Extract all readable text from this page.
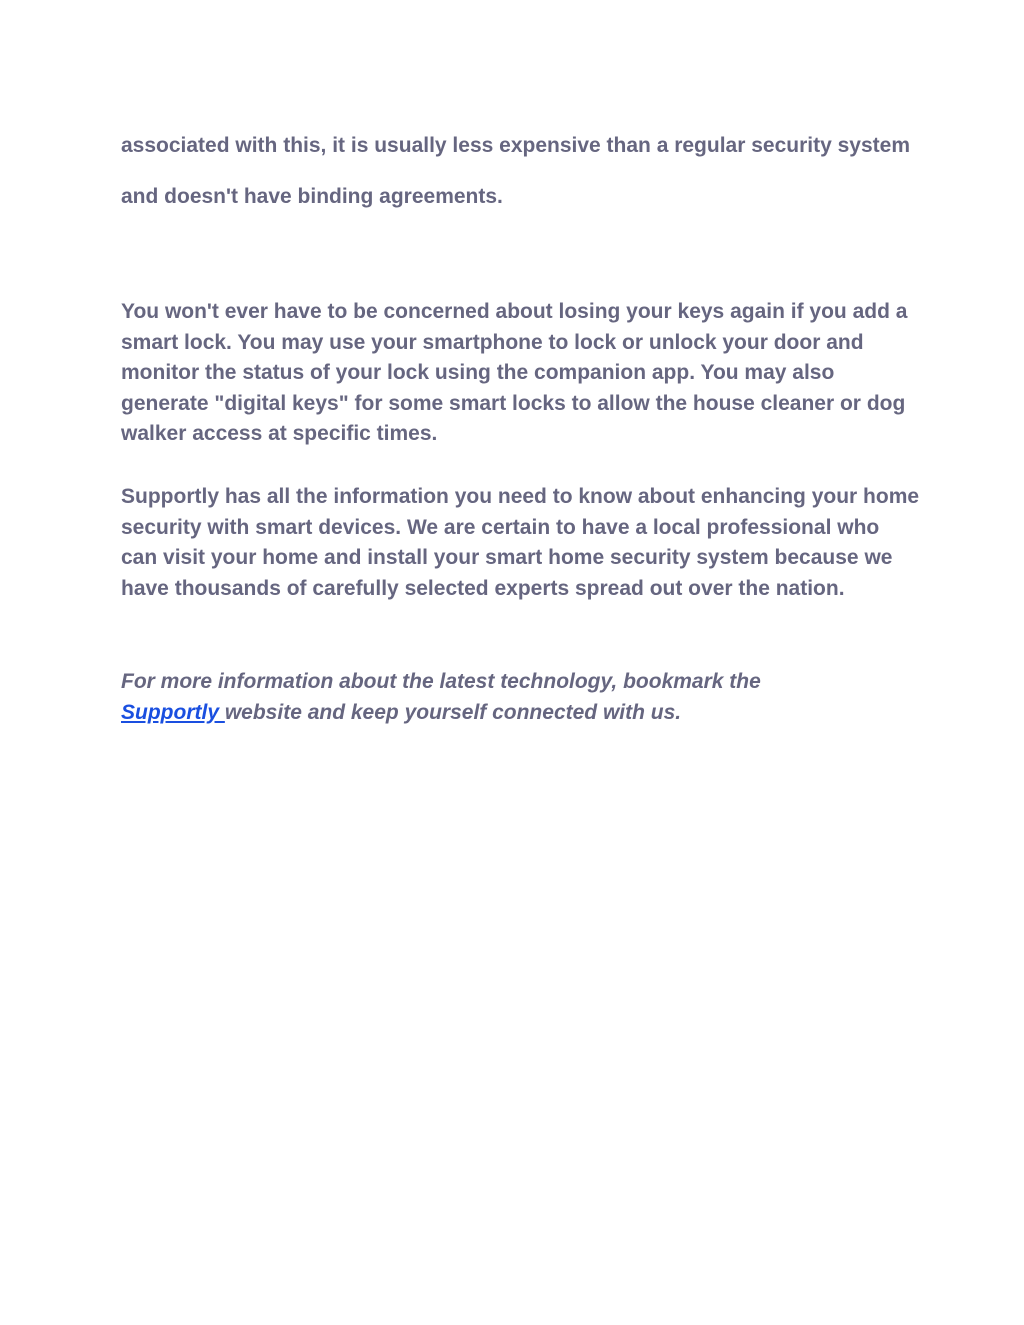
associated with this, it is usually less expensive than a regular security system and doesn't have binding agreements.

You won't ever have to be concerned about losing your keys again if you add a smart lock. You may use your smartphone to lock or unlock your door and monitor the status of your lock using the companion app. You may also generate "digital keys" for some smart locks to allow the house cleaner or dog walker access at specific times.

Supportly has all the information you need to know about enhancing your home security with smart devices. We are certain to have a local professional who can visit your home and install your smart home security system because we have thousands of carefully selected experts spread out over the nation.

For more information about the latest technology, bookmark the
Supportly website and keep yourself connected with us.
